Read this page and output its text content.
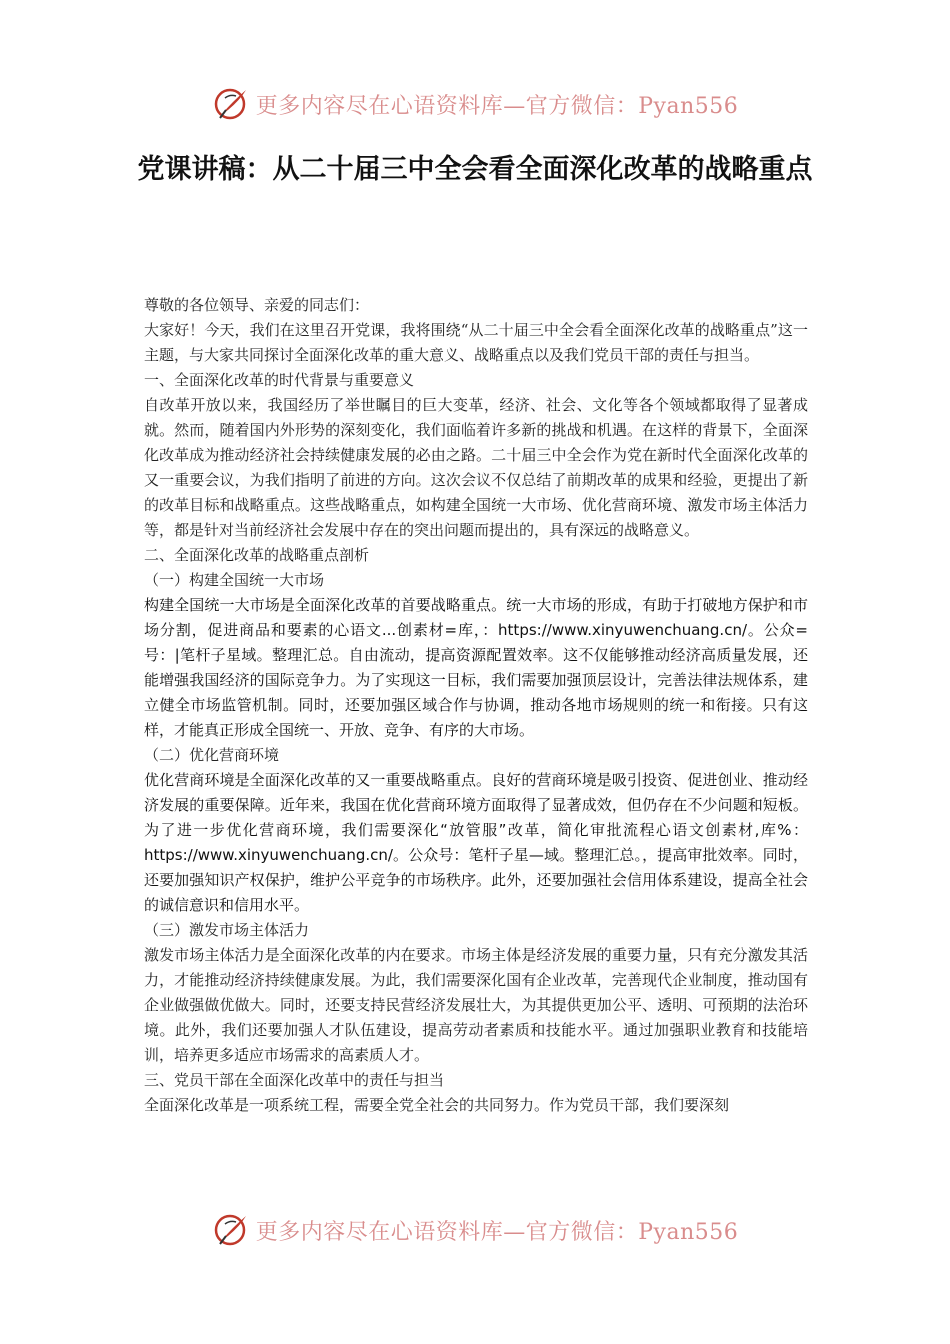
更多内容尽在心语资料库—官方微信：Pyan556
党课讲稿：从二十届三中全会看全面深化改革的战略重点

尊敬的各位领导、亲爱的同志们：

大家好！今天，我们在这里召开党课，我将围绕“从二十届三中全会看全面深化改革的战略重点”这一主题，与大家共同探讨全面深化改革的重大意义、战略重点以及我们党员干部的责任与担当。

一、全面深化改革的时代背景与重要意义

自改革开放以来，我国经历了举世瞩目的巨大变革，经济、社会、文化等各个领域都取得了显著成就。然而，随着国内外形势的深刻变化，我们面临着许多新的挑战和机遇。在这样的背景下，全面深化改革成为推动经济社会持续健康发展的必由之路。二十届三中全会作为党在新时代全面深化改革的又一重要会议，为我们指明了前进的方向。这次会议不仅总结了前期改革的成果和经验，更提出了新的改革目标和战略重点。这些战略重点，如构建全国统一大市场、优化营商环境、激发市场主体活力等，都是针对当前经济社会发展中存在的突出问题而提出的，具有深远的战略意义。

二、全面深化改革的战略重点剖析

（一）构建全国统一大市场

构建全国统一大市场是全面深化改革的首要战略重点。统一大市场的形成，有助于打破地方保护和市场分割，促进商品和要素的心语文...创素材=库，：https://www.xinyuwenchuang.cn/。公众=号：|笔杆子星域。整理汇总。自由流动，提高资源配置效率。这不仅能够推动经济高质量发展，还能增强我国经济的国际竞争力。为了实现这一目标，我们需要加强顶层设计，完善法律法规体系，建立健全市场监管机制。同时，还要加强区域合作与协调，推动各地市场规则的统一和衔接。只有这样，才能真正形成全国统一、开放、竞争、有序的大市场。

（二）优化营商环境

优化营商环境是全面深化改革的又一重要战略重点。良好的营商环境是吸引投资、促进创业、推动经济发展的重要保障。近年来，我国在优化营商环境方面取得了显著成效，但仍存在不少问题和短板。为了进一步优化营商环境，我们需要深化“放管服”改革，简化审批流程心语文创素材,库%：https://www.xinyuwenchuang.cn/。公众号：笔杆子星—域。整理汇总。，提高审批效率。同时，还要加强知识产权保护，维护公平竞争的市场秩序。此外，还要加强社会信用体系建设，提高全社会的诚信意识和信用水平。

（三）激发市场主体活力

激发市场主体活力是全面深化改革的内在要求。市场主体是经济发展的重要力量，只有充分激发其活力，才能推动经济持续健康发展。为此，我们需要深化国有企业改革，完善现代企业制度，推动国有企业做强做优做大。同时，还要支持民营经济发展壮大，为其提供更加公平、透明、可预期的法治环境。此外，我们还要加强人才队伍建设，提高劳动者素质和技能水平。通过加强职业教育和技能培训，培养更多适应市场需求的高素质人才。

三、党员干部在全面深化改革中的责任与担当

全面深化改革是一项系统工程，需要全党全社会的共同努力。作为党员干部，我们要深刻

更多内容尽在心语资料库—官方微信：Pyan556
